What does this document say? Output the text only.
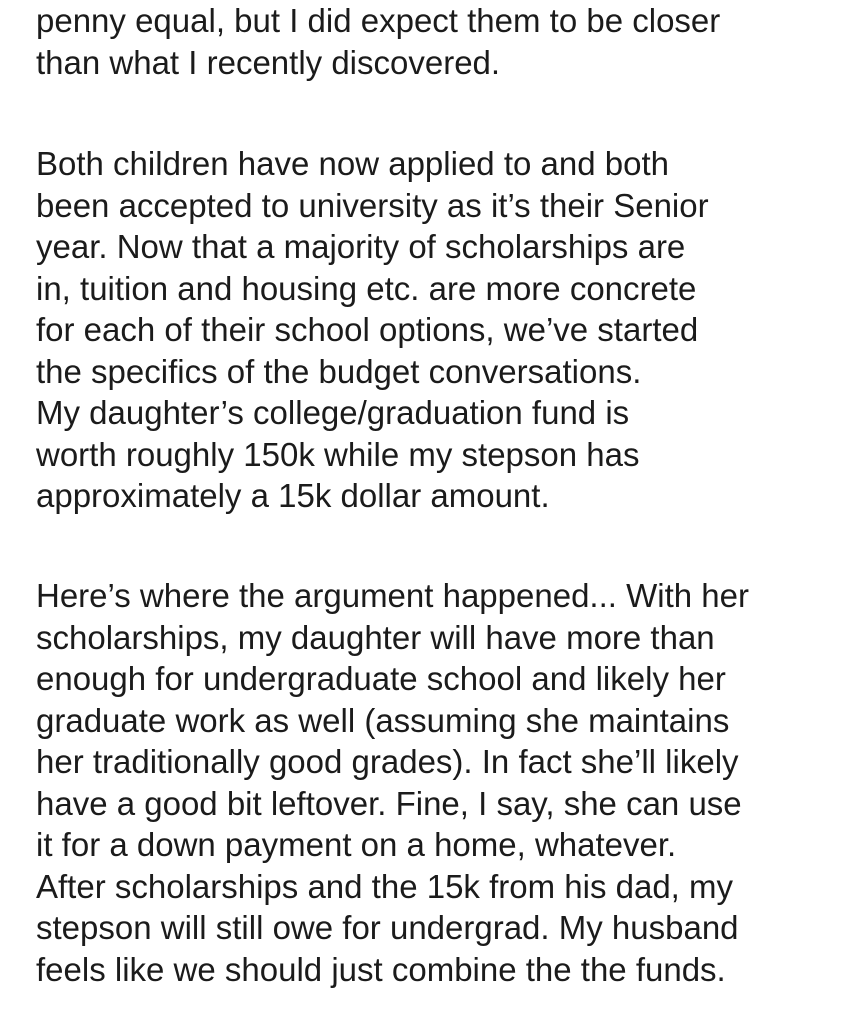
penny equal, but I did expect them to be closer
than what I recently discovered.
Both children have now applied to and both
been accepted to university as it’s their Senior
year. Now that a majority of scholarships are
in, tuition and housing etc. are more concrete
for each of their school options, we’ve started
the specifics of the budget conversations.
My daughter’s college/graduation fund is
worth roughly 150k while my stepson has
approximately a 15k dollar amount.
Here’s where the argument happened... With her
scholarships, my daughter will have more than
enough for undergraduate school and likely her
graduate work as well (assuming she maintains
her traditionally good grades). In fact she’ll likely
have a good bit leftover. Fine, I say, she can use
it for a down payment on a home, whatever.
After scholarships and the 15k from his dad, my
stepson will still owe for undergrad. My husband
feels like we should just combine the the funds.
